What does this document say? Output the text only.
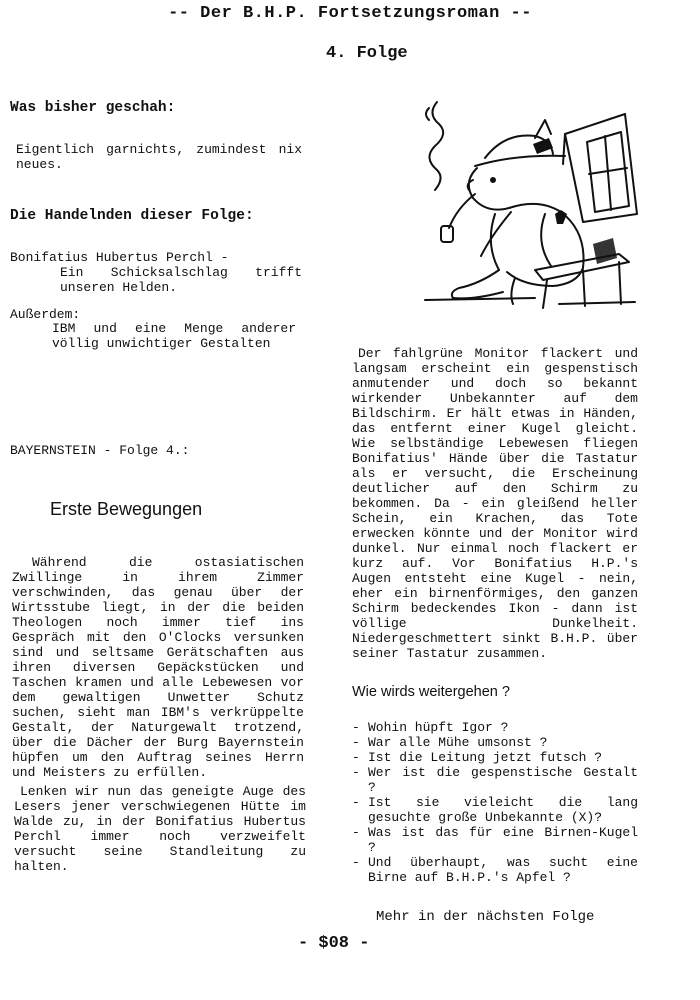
-- Der B.H.P. Fortsetzungsroman --
4. Folge
Was bisher geschah:
Eigentlich garnichts, zumindest nix neues.
Die Handelnden dieser Folge:
Bonifatius Hubertus Perchl -
Ein Schicksalschlag trifft unseren Helden.
Außerdem:
IBM und eine Menge anderer völlig unwichtiger Gestalten
BAYERNSTEIN - Folge 4.:
Erste Bewegungen
Während die ostasiatischen Zwillinge in ihrem Zimmer verschwinden, das genau über der Wirtsstube liegt, in der die beiden Theologen noch immer tief ins Gespräch mit den O'Clocks versunken sind und seltsame Gerätschaften aus ihren diversen Gepäckstücken und Taschen kramen und alle Lebewesen vor dem gewaltigen Unwetter Schutz suchen, sieht man IBM's verkrüppelte Gestalt, der Naturgewalt trotzend, über die Dächer der Burg Bayernstein hüpfen um den Auftrag seines Herrn und Meisters zu erfüllen.
Lenken wir nun das geneigte Auge des Lesers jener verschwiegenen Hütte im Walde zu, in der Bonifatius Hubertus Perchl immer noch verzweifelt versucht seine Standleitung zu halten.
Der fahlgrüne Monitor flackert und langsam erscheint ein gespenstisch anmutender und doch so bekannt wirkender Unbekannter auf dem Bildschirm. Er hält etwas in Händen, das entfernt einer Kugel gleicht. Wie selbständige Lebewesen fliegen Bonifatius' Hände über die Tastatur als er versucht, die Erscheinung deutlicher auf den Schirm zu bekommen. Da - ein gleißend heller Schein, ein Krachen, das Tote erwecken könnte und der Monitor wird dunkel. Nur einmal noch flackert er kurz auf. Vor Bonifatius H.P.'s Augen entsteht eine Kugel - nein, eher ein birnenförmiges, den ganzen Schirm bedeckendes Ikon - dann ist völlige Dunkelheit. Niedergeschmettert sinkt B.H.P. über seiner Tastatur zusammen.
Wie wirds weitergehen ?
- Wohin hüpft Igor ?
- War alle Mühe umsonst ?
- Ist die Leitung jetzt futsch ?
- Wer ist die gespenstische Gestalt ?
- Ist sie vieleicht die lang gesuchte große Unbekannte (X)?
- Was ist das für eine Birnen-Kugel ?
- Und überhaupt, was sucht eine Birne auf B.H.P.'s Apfel ?
Mehr in der nächsten Folge
- $08 -
